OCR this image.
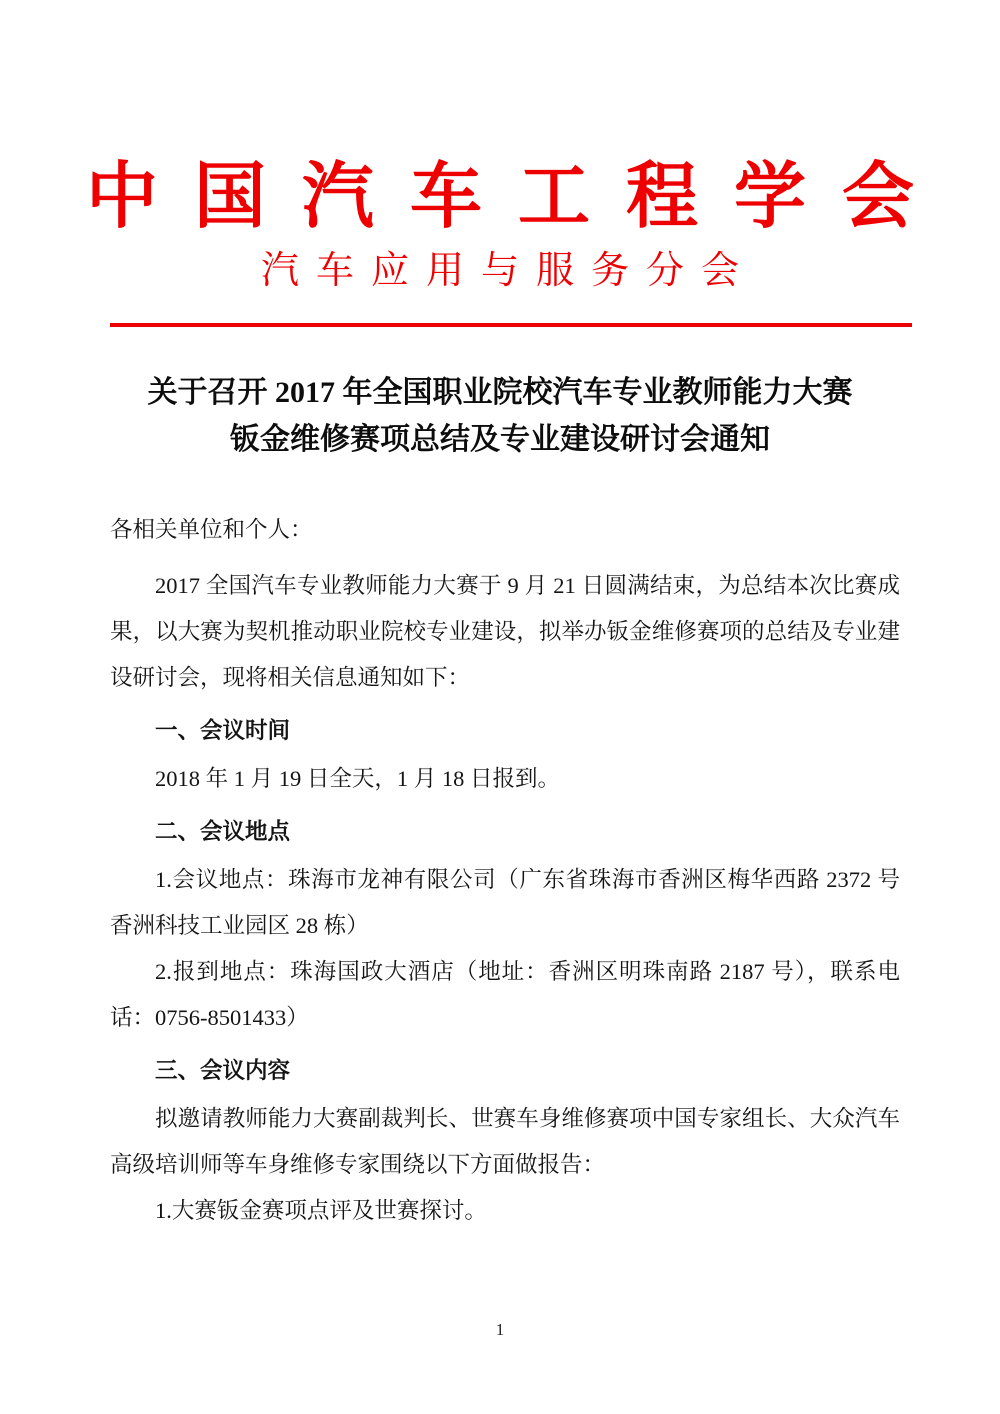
中国汽车工程学会
汽车应用与服务分会
关于召开 2017 年全国职业院校汽车专业教师能力大赛
钣金维修赛项总结及专业建设研讨会通知

各相关单位和个人：

2017 全国汽车专业教师能力大赛于 9 月 21 日圆满结束，为总结本次比赛成果，以大赛为契机推动职业院校专业建设，拟举办钣金维修赛项的总结及专业建设研讨会，现将相关信息通知如下：

一、会议时间

2018 年 1 月 19 日全天，1 月 18 日报到。

二、会议地点

1.会议地点：珠海市龙神有限公司（广东省珠海市香洲区梅华西路 2372 号香洲科技工业园区 28 栋）

2.报到地点：珠海国政大酒店（地址：香洲区明珠南路 2187 号），联系电话：0756-8501433）

三、会议内容

拟邀请教师能力大赛副裁判长、世赛车身维修赛项中国专家组长、大众汽车高级培训师等车身维修专家围绕以下方面做报告：

1.大赛钣金赛项点评及世赛探讨。

1
